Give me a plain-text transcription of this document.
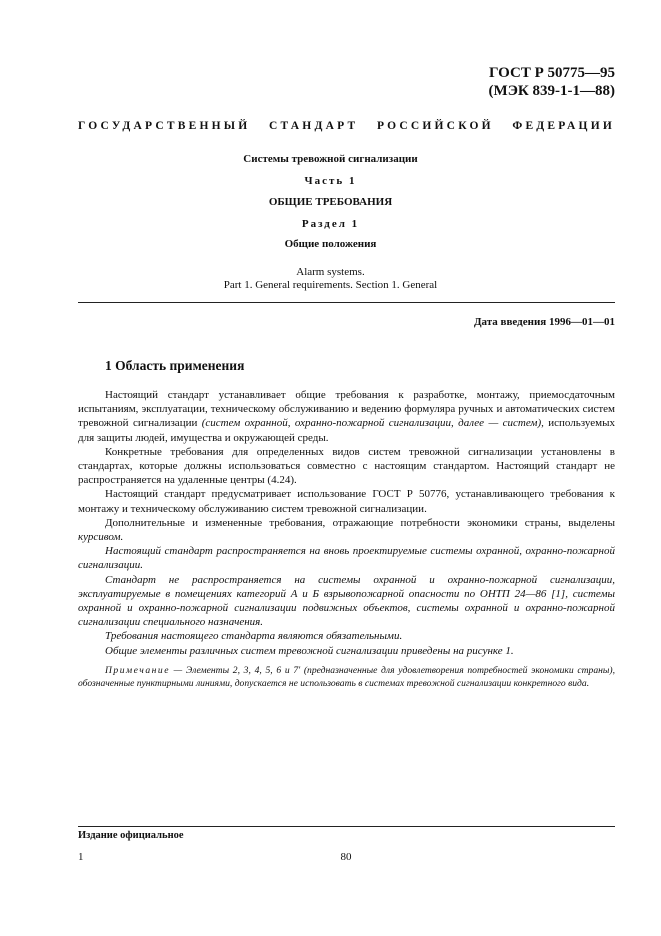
ГОСТ Р 50775—95
(МЭК 839-1-1—88)
ГОСУДАРСТВЕННЫЙ СТАНДАРТ РОССИЙСКОЙ ФЕДЕРАЦИИ
Системы тревожной сигнализации
Часть 1
ОБЩИЕ ТРЕБОВАНИЯ
Раздел 1
Общие положения
Alarm systems.
Part 1. General requirements. Section 1. General
Дата введения 1996—01—01
1 Область применения

Настоящий стандарт устанавливает общие требования к разработке, монтажу, приемосдаточным испытаниям, эксплуатации, техническому обслуживанию и ведению формуляра ручных и автоматических систем тревожной сигнализации (систем охранной, охранно-пожарной сигнализации, далее — систем), используемых для защиты людей, имущества и окружающей среды.

Конкретные требования для определенных видов систем тревожной сигнализации установлены в стандартах, которые должны использоваться совместно с настоящим стандартом. Настоящий стандарт не распространяется на удаленные центры (4.24).

Настоящий стандарт предусматривает использование ГОСТ Р 50776, устанавливающего требования к монтажу и техническому обслуживанию систем тревожной сигнализации.

Дополнительные и измененные требования, отражающие потребности экономики страны, выделены курсивом.

Настоящий стандарт распространяется на вновь проектируемые системы охранной, охранно-пожарной сигнализации.

Стандарт не распространяется на системы охранной и охранно-пожарной сигнализации, эксплуатируемые в помещениях категорий А и Б взрывопожарной опасности по ОНТП 24—86 [1], системы охранной и охранно-пожарной сигнализации подвижных объектов, системы охранной и охранно-пожарной сигнализации специального назначения.

Требования настоящего стандарта являются обязательными.

Общие элементы различных систем тревожной сигнализации приведены на рисунке 1.

Примечание — Элементы 2, 3, 4, 5, 6 и 7' (предназначенные для удовлетворения потребностей экономики страны), обозначенные пунктирными линиями, допускается не использовать в системах тревожной сигнализации конкретного вида.
Издание официальное
1	80
